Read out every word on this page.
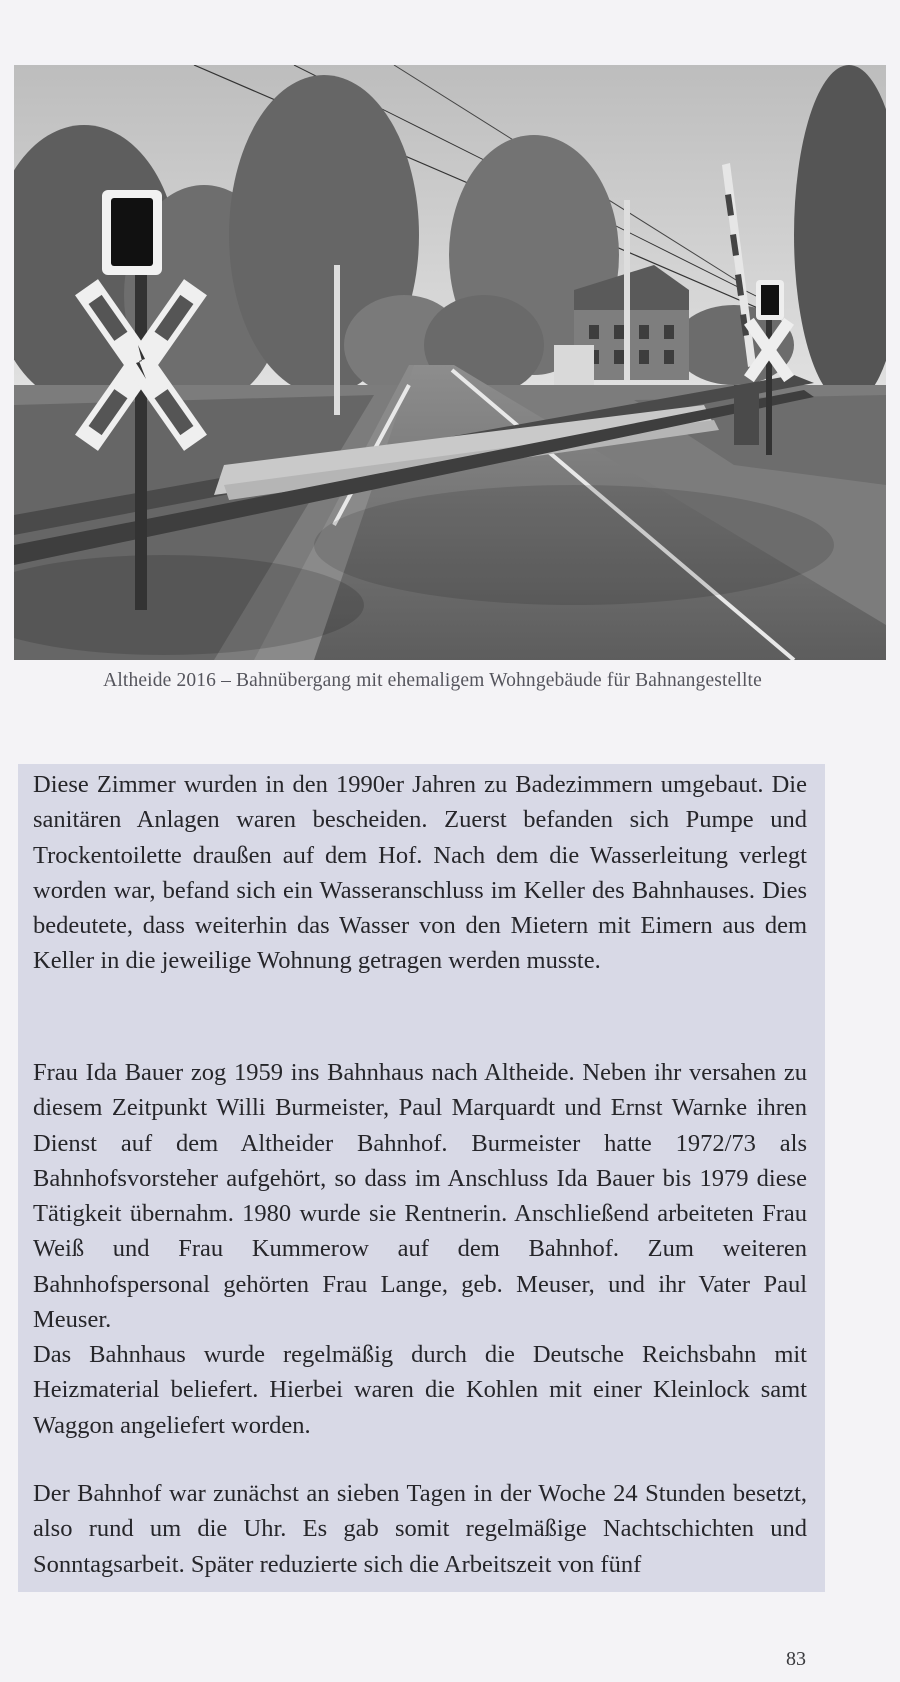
Altheide 2016 – Bahnübergang mit ehemaligem Wohngebäude für Bahnangestellte

Diese Zimmer wurden in den 1990er Jahren zu Badezimmern umgebaut. Die sanitären Anlagen waren bescheiden. Zuerst befanden sich Pumpe und Trockentoilette draußen auf dem Hof. Nach dem die Wasserleitung verlegt worden war, befand sich ein Wasseranschluss im Keller des Bahnhauses. Dies bedeutete, dass weiterhin das Wasser von den Mietern mit Eimern aus dem Keller in die jeweilige Wohnung getragen werden musste.

Frau Ida Bauer zog 1959 ins Bahnhaus nach Altheide. Neben ihr versahen zu diesem Zeitpunkt Willi Burmeister, Paul Marquardt und Ernst Warnke ihren Dienst auf dem Altheider Bahnhof. Burmeister hatte 1972/73 als Bahnhofsvorsteher aufgehört, so dass im Anschluss Ida Bauer bis 1979 diese Tätigkeit übernahm. 1980 wurde sie Rentnerin. Anschließend arbeiteten Frau Weiß und Frau Kummerow auf dem Bahnhof. Zum weiteren Bahnhofspersonal gehörten Frau Lange, geb. Meuser, und ihr Vater Paul Meuser.

Das Bahnhaus wurde regelmäßig durch die Deutsche Reichsbahn mit Heizmaterial beliefert. Hierbei waren die Kohlen mit einer Kleinlock samt Waggon angeliefert worden.

Der Bahnhof war zunächst an sieben Tagen in der Woche 24 Stunden besetzt, also rund um die Uhr. Es gab somit regelmäßige Nachtschichten und Sonntagsarbeit. Später reduzierte sich die Arbeitszeit von fünf

83
